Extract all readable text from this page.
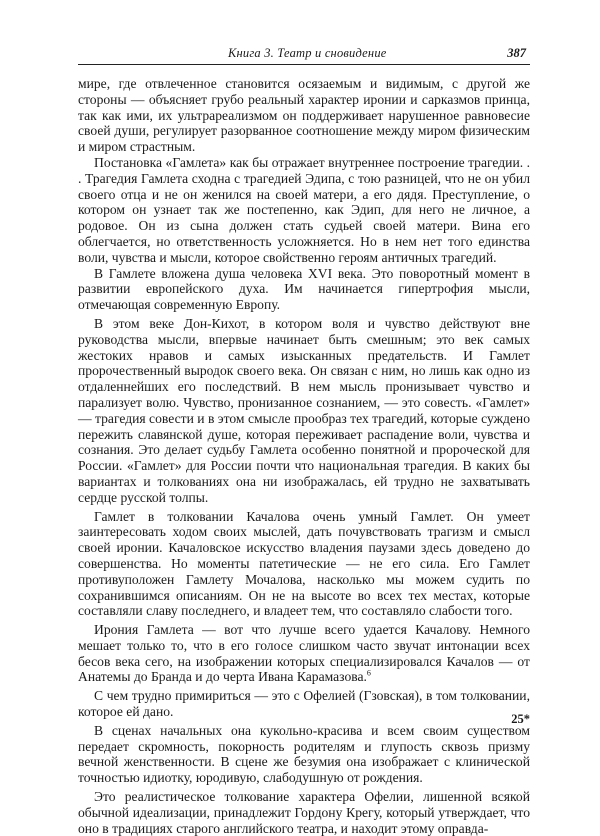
Книга 3. Театр и сновидение	387

мире, где отвлеченное становится осязаемым и видимым, с другой же стороны — объясняет грубо реальный характер иронии и сарказмов принца, так как ими, их ультрареализмом он поддерживает нарушенное равновесие своей души, регулирует разорванное соотношение между миром физическим и миром страстным.

Постановка «Гамлета» как бы отражает внутреннее построение трагедии. . . Трагедия Гамлета сходна с трагедией Эдипа, с тою разницей, что не он убил своего отца и не он женился на своей матери, а его дядя. Преступление, о котором он узнает так же постепенно, как Эдип, для него не личное, а родовое. Он из сына должен стать судьей своей матери. Вина его облегчается, но ответственность усложняется. Но в нем нет того единства воли, чувства и мысли, которое свойственно героям античных трагедий.

В Гамлете вложена душа человека XVI века. Это поворотный момент в развитии европейского духа. Им начинается гипертрофия мысли, отмечающая современную Европу.

В этом веке Дон-Кихот, в котором воля и чувство действуют вне руководства мысли, впервые начинает быть смешным; это век самых жестоких нравов и самых изысканных предательств. И Гамлет пророчественный выродок своего века. Он связан с ним, но лишь как одно из отдаленнейших его последствий. В нем мысль пронизывает чувство и парализует волю. Чувство, пронизанное сознанием, — это совесть. «Гамлет» — трагедия совести и в этом смысле прообраз тех трагедий, которые суждено пережить славянской душе, которая переживает распадение воли, чувства и сознания. Это делает судьбу Гамлета особенно понятной и пророческой для России. «Гамлет» для России почти что национальная трагедия. В каких бы вариантах и толкованиях она ни изображалась, ей трудно не захватывать сердце русской толпы.

Гамлет в толковании Качалова очень умный Гамлет. Он умеет заинтересовать ходом своих мыслей, дать почувствовать трагизм и смысл своей иронии. Качаловское искусство владения паузами здесь доведено до совершенства. Но моменты патетические — не его сила. Его Гамлет противуположен Гамлету Мочалова, насколько мы можем судить по сохранившимся описаниям. Он не на высоте во всех тех местах, которые составляли славу последнего, и владеет тем, что составляло слабости того.

Ирония Гамлета — вот что лучше всего удается Качалову. Немного мешает только то, что в его голосе слишком часто звучат интонации всех бесов века сего, на изображении которых специализировался Качалов — от Анатемы до Бранда и до черта Ивана Карамазова.$^6$

С чем трудно примириться — это с Офелией (Гзовская), в том толковании, которое ей дано.

В сценах начальных она кукольно-красива и всем своим существом передает скромность, покорность родителям и глупость сквозь призму вечной женственности. В сцене же безумия она изображает с клинической точностью идиотку, юродивую, слабодушную от рождения.

Это реалистическое толкование характера Офелии, лишенной всякой обычной идеализации, принадлежит Гордону Крегу, который утверждает, что оно в традициях старого английского театра, и находит этому оправда-

25*
